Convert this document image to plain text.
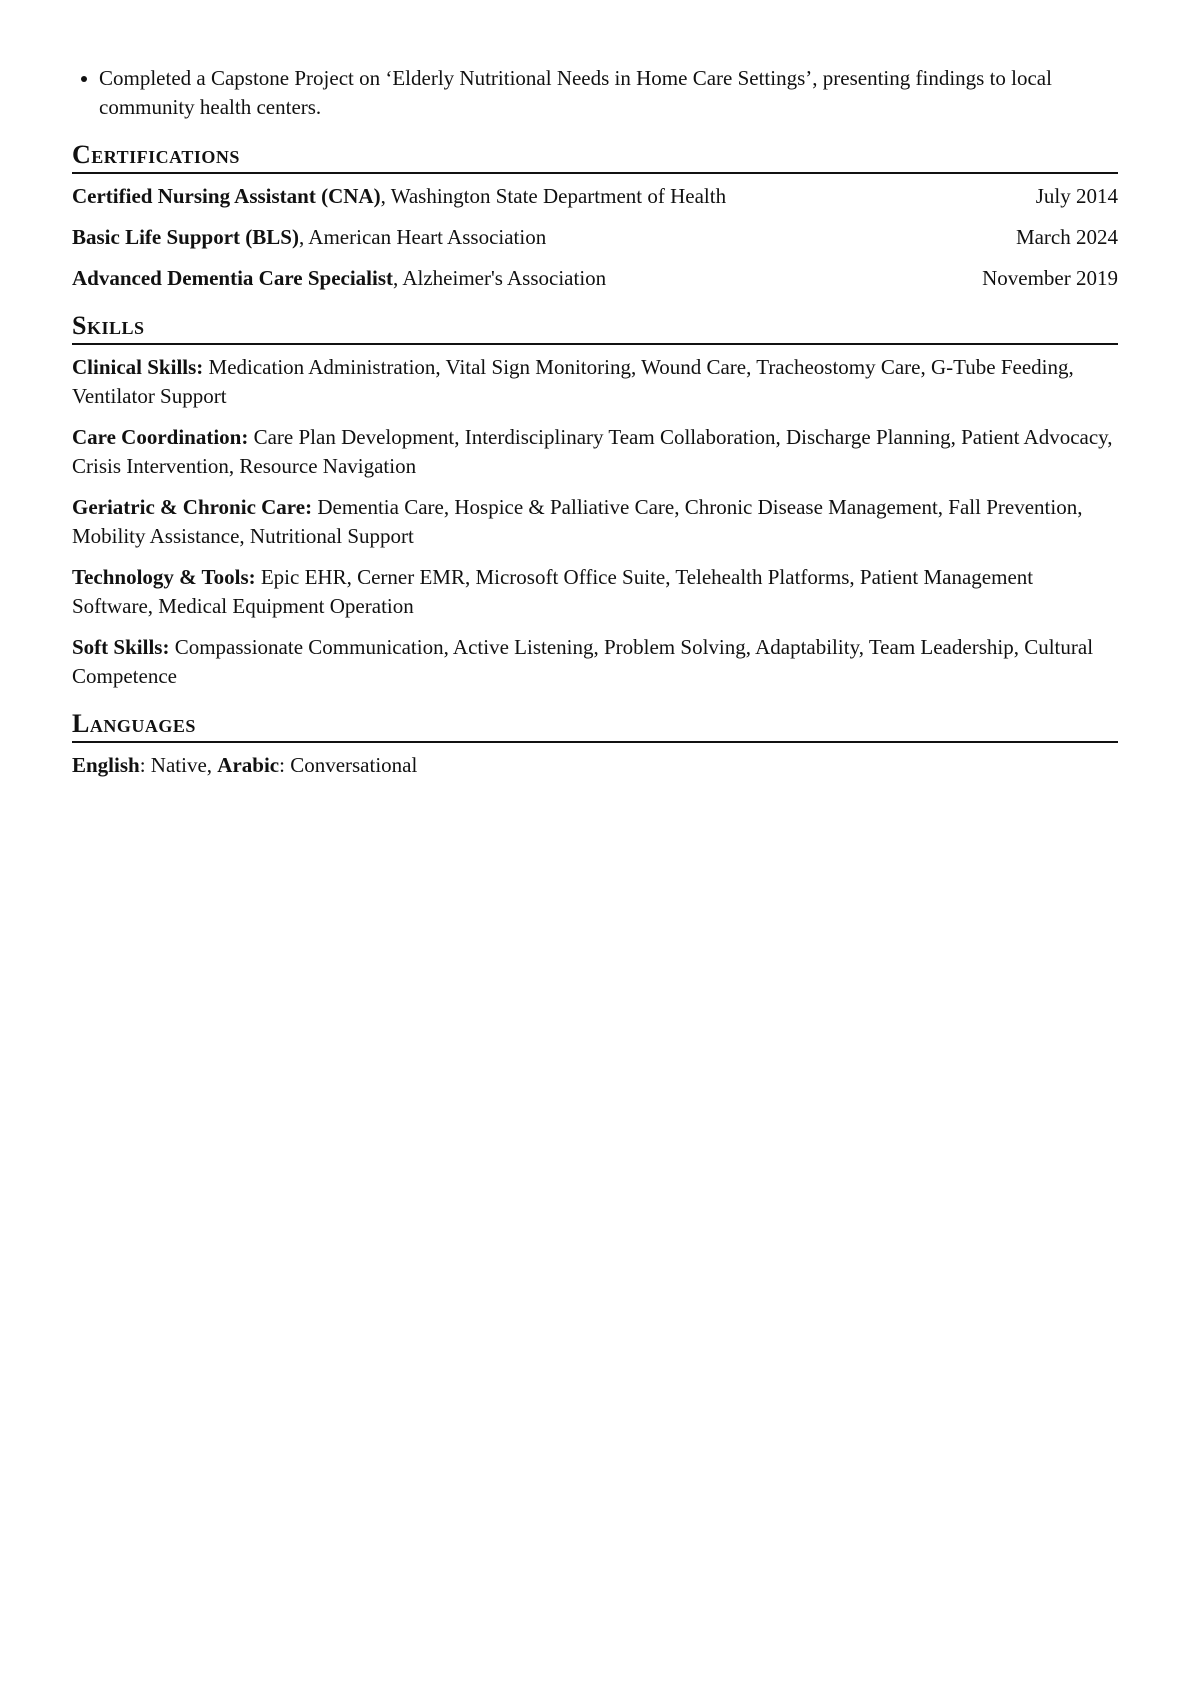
Completed a Capstone Project on ‘Elderly Nutritional Needs in Home Care Settings’, presenting findings to local community health centers.
Certifications
Certified Nursing Assistant (CNA), Washington State Department of Health	July 2014
Basic Life Support (BLS), American Heart Association	March 2024
Advanced Dementia Care Specialist, Alzheimer's Association	November 2019
Skills
Clinical Skills: Medication Administration, Vital Sign Monitoring, Wound Care, Tracheostomy Care, G-Tube Feeding, Ventilator Support
Care Coordination: Care Plan Development, Interdisciplinary Team Collaboration, Discharge Planning, Patient Advocacy, Crisis Intervention, Resource Navigation
Geriatric & Chronic Care: Dementia Care, Hospice & Palliative Care, Chronic Disease Management, Fall Prevention, Mobility Assistance, Nutritional Support
Technology & Tools: Epic EHR, Cerner EMR, Microsoft Office Suite, Telehealth Platforms, Patient Management Software, Medical Equipment Operation
Soft Skills: Compassionate Communication, Active Listening, Problem Solving, Adaptability, Team Leadership, Cultural Competence
Languages
English: Native, Arabic: Conversational
